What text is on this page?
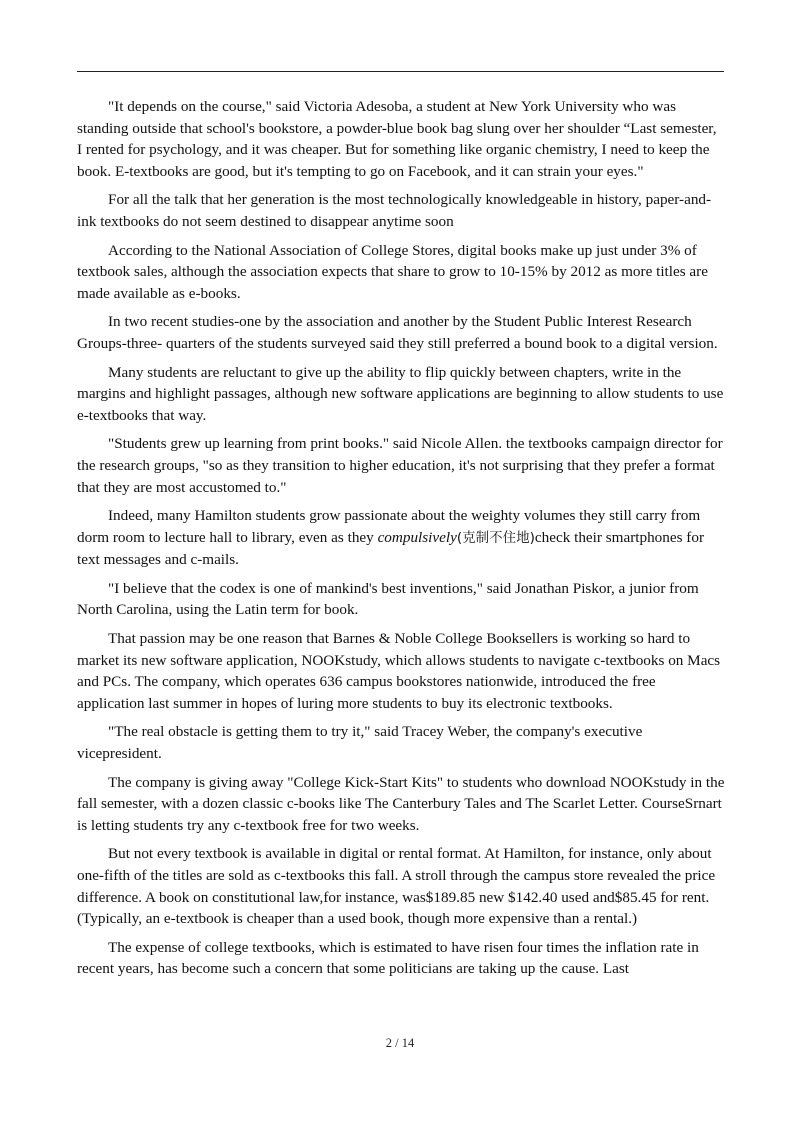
"It depends on the course," said Victoria Adesoba, a student at New York University who was standing outside that school's bookstore, a powder-blue book bag slung over her shoulder “Last semester, I rented for psychology, and it was cheaper. But for something like organic chemistry, I need to keep the book. E-textbooks are good, but it's tempting to go on Facebook, and it can strain your eyes."

For all the talk that her generation is the most technologically knowledgeable in history, paper-and-ink textbooks do not seem destined to disappear anytime soon

According to the National Association of College Stores, digital books make up just under 3% of textbook sales, although the association expects that share to grow to 10-15% by 2012 as more titles are made available as e-books.

In two recent studies-one by the association and another by the Student Public Interest Research Groups-three- quarters of the students surveyed said they still preferred a bound book to a digital version.

Many students are reluctant to give up the ability to flip quickly between chapters, write in the margins and highlight passages, although new software applications are beginning to allow students to use e-textbooks that way.

"Students grew up learning from print books." said Nicole Allen. the textbooks campaign director for the research groups, "so as they transition to higher education, it's not surprising that they prefer a format that they are most accustomed to."

Indeed, many Hamilton students grow passionate about the weighty volumes they still carry from dorm room to lecture hall to library, even as they compulsively(克制不住地)check their smartphones for text messages and c-mails.

"I believe that the codex is one of mankind's best inventions," said Jonathan Piskor, a junior from North Carolina, using the Latin term for book.

That passion may be one reason that Barnes & Noble College Booksellers is working so hard to market its new software application, NOOKstudy, which allows students to navigate c-textbooks on Macs and PCs. The company, which operates 636 campus bookstores nationwide, introduced the free application last summer in hopes of luring more students to buy its electronic textbooks.

"The real obstacle is getting them to try it," said Tracey Weber, the company's executive vicepresident.

The company is giving away "College Kick-Start Kits" to students who download NOOKstudy in the fall semester, with a dozen classic c-books like The Canterbury Tales and The Scarlet Letter. CourseSrnart is letting students try any c-textbook free for two weeks.

But not every textbook is available in digital or rental format. At Hamilton, for instance, only about one-fifth of the titles are sold as c-textbooks this fall. A stroll through the campus store revealed the price difference. A book on constitutional law,for instance, was$189.85 new $142.40 used and$85.45 for rent. (Typically, an e-textbook is cheaper than a used book, though more expensive than a rental.)

The expense of college textbooks, which is estimated to have risen four times the inflation rate in recent years, has become such a concern that some politicians are taking up the cause. Last

2 / 14
